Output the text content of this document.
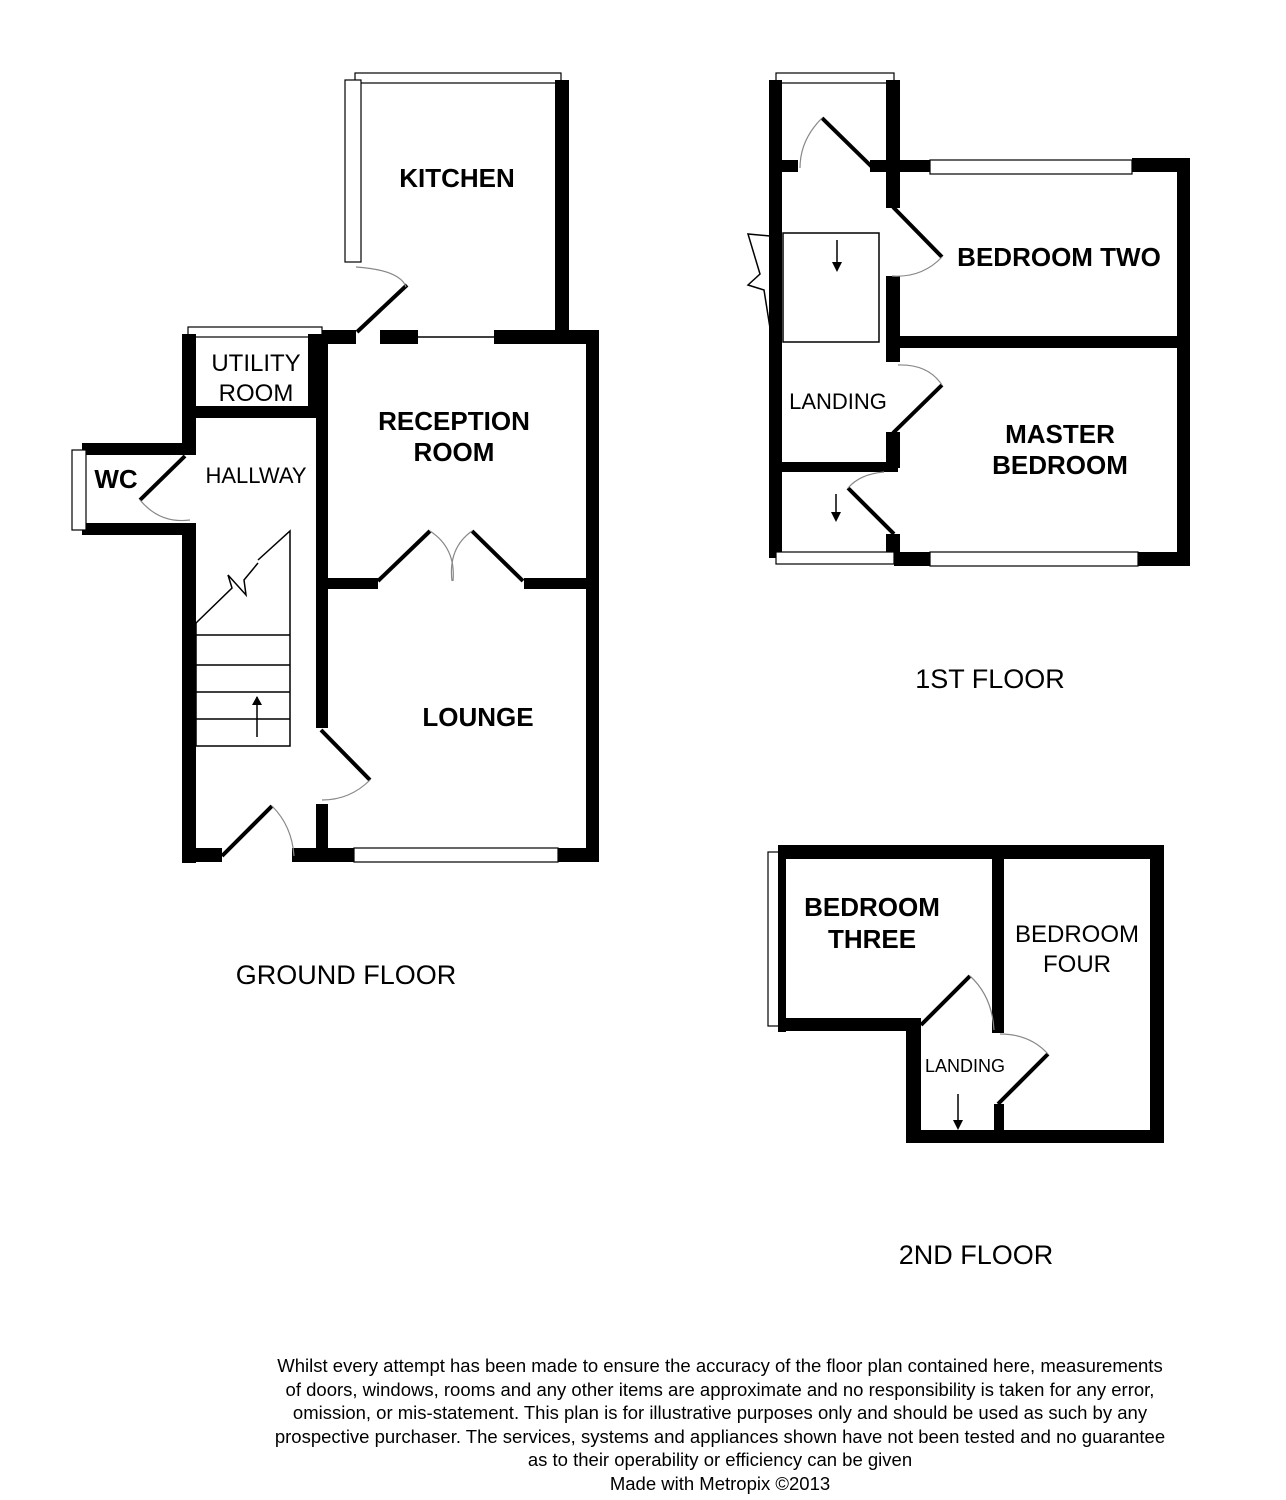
KITCHEN
UTILITY
ROOM
RECEPTION
ROOM
WC	HALLWAY
LOUNGE
GROUND FLOOR
BEDROOM TWO
LANDING
MASTER
BEDROOM
1ST FLOOR
BEDROOM
THREE	BEDROOM
FOUR
LANDING
2ND FLOOR
Whilst every attempt has been made to ensure the accuracy of the floor plan contained here, measurements
of doors, windows, rooms and any other items are approximate and no responsibility is taken for any error,
omission, or mis-statement. This plan is for illustrative purposes only and should be used as such by any
prospective purchaser. The services, systems and appliances shown have not been tested and no guarantee
as to their operability or efficiency can be given
Made with Metropix ©2013
